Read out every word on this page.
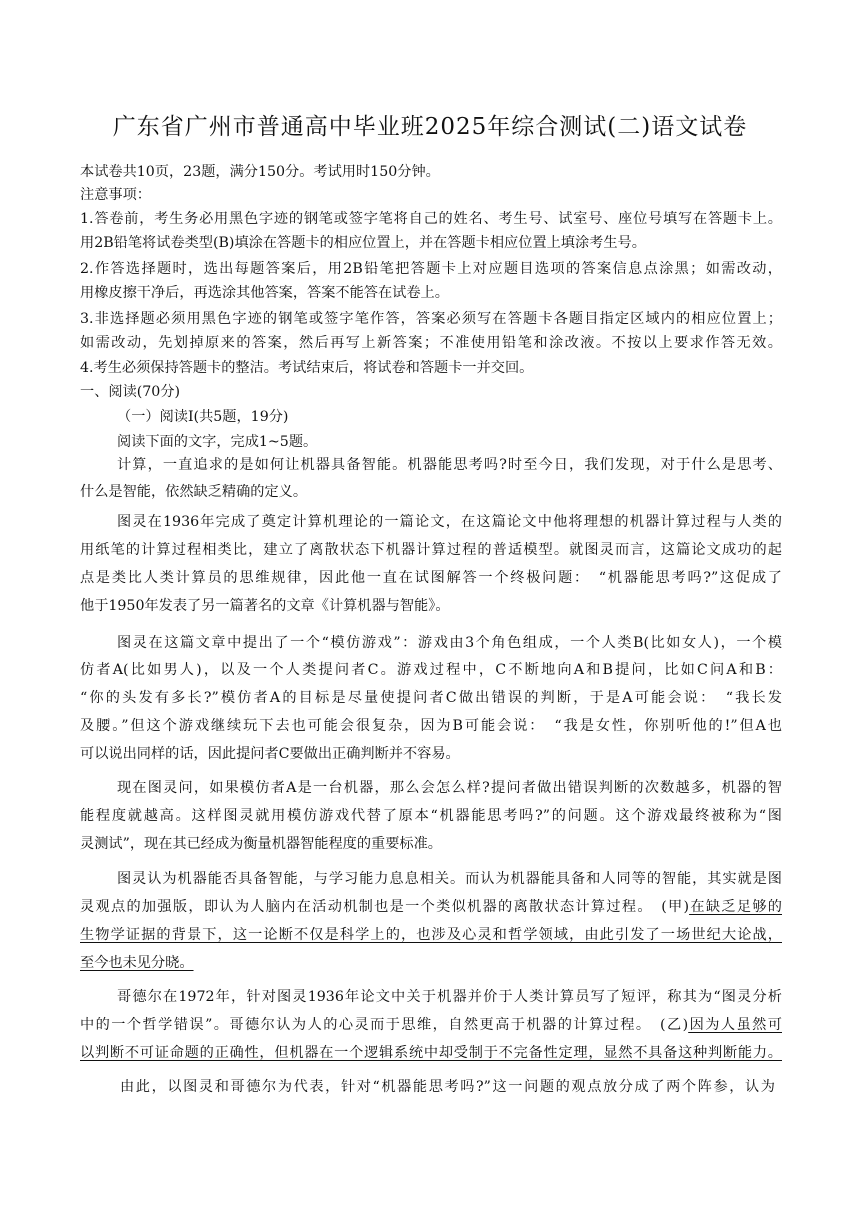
广东省广州市普通高中毕业班2025年综合测试(二)语文试卷
本试卷共10页，23题，满分150分。考试用时150分钟。
注意事项：
1.答卷前，考生务必用黑色字迹的钢笔或签字笔将自己的姓名、考生号、试室号、座位号填写在答题卡上。
用2B铅笔将试卷类型(B)填涂在答题卡的相应位置上，并在答题卡相应位置上填涂考生号。
2.作答选择题时，选出每题答案后，用2B铅笔把答题卡上对应题目选项的答案信息点涂黑；如需改动，
用橡皮擦干净后，再选涂其他答案，答案不能答在试卷上。
3.非选择题必须用黑色字迹的钢笔或签字笔作答，答案必须写在答题卡各题目指定区域内的相应位置上；
如需改动，先划掉原来的答案，然后再写上新答案；不准使用铅笔和涂改液。不按以上要求作答无效。
4.考生必须保持答题卡的整洁。考试结束后，将试卷和答题卡一并交回。
一、阅读(70分)
（一）阅读Ⅰ(共5题，19分)
阅读下面的文字，完成1~5题。
计算，一直追求的是如何让机器具备智能。机器能思考吗?时至今日，我们发现，对于什么是思考、
什么是智能，依然缺乏精确的定义。
图灵在1936年完成了奠定计算机理论的一篇论文，在这篇论文中他将理想的机器计算过程与人类的
用纸笔的计算过程相类比，建立了离散状态下机器计算过程的普适模型。就图灵而言，这篇论文成功的起
点是类比人类计算员的思维规律，因此他一直在试图解答一个终极问题：　“机器能思考吗?”这促成了
他于1950年发表了另一篇著名的文章《计算机器与智能》。
图灵在这篇文章中提出了一个“模仿游戏”：游戏由3个角色组成，一个人类B(比如女人)，一个模
仿者A(比如男人)，以及一个人类提问者C。游戏过程中，C不断地向A和B提问，比如C问A和B：
“你的头发有多长?”模仿者A的目标是尽量使提问者C做出错误的判断，于是A可能会说：　“我长发
及腰。”但这个游戏继续玩下去也可能会很复杂，因为B可能会说：　“我是女性，你别听他的!”但A也
可以说出同样的话，因此提问者C要做出正确判断并不容易。
现在图灵问，如果模仿者A是一台机器，那么会怎么样?提问者做出错误判断的次数越多，机器的智
能程度就越高。这样图灵就用模仿游戏代替了原本“机器能思考吗?”的问题。这个游戏最终被称为“图
灵测试”，现在其已经成为衡量机器智能程度的重要标准。
图灵认为机器能否具备智能，与学习能力息息相关。而认为机器能具备和人同等的智能，其实就是图
灵观点的加强版，即认为人脑内在活动机制也是一个类似机器的离散状态计算过程。　(甲)在缺乏足够的
生物学证据的背景下，这一论断不仅是科学上的，也涉及心灵和哲学领域，由此引发了一场世纪大论战，
至今也未见分晓。
哥德尔在1972年，针对图灵1936年论文中关于机器并价于人类计算员写了短评，称其为“图灵分析
中的一个哲学错误”。哥德尔认为人的心灵而于思维，自然更高于机器的计算过程。　(乙)因为人虽然可
以判断不可证命题的正确性，但机器在一个逻辑系统中却受制于不完备性定理，显然不具备这种判断能力。
由此，以图灵和哥德尔为代表，针对“机器能思考吗?”这一问题的观点放分成了两个阵参，认为
